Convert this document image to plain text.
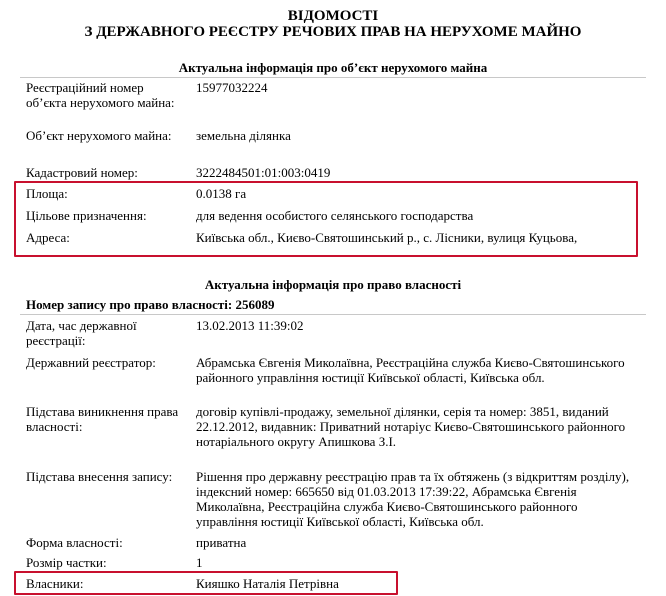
ВІДОМОСТІ
З ДЕРЖАВНОГО РЕЄСТРУ РЕЧОВИХ ПРАВ НА НЕРУХОМЕ МАЙНО
Актуальна інформація про об’єкт нерухомого майна
Реєстраційний номер об’єкта нерухомого майна:
15977032224
Об’єкт нерухомого майна:	земельна ділянка
Кадастровий номер:	3222484501:01:003:0419
Площа:	0.0138 га
Цільове призначення:	для ведення особистого селянського господарства
Адреса:	Київська обл., Києво-Святошинський р., с. Лісники, вулиця Куцьова,
Актуальна інформація про право власності
Номер запису про право власності: 256089
Дата, час державної реєстрації:
13.02.2013 11:39:02
Державний реєстратор:	Абрамська Євгенія Миколаївна, Реєстраційна служба Києво-Святошинського районного управління юстиції Київської області, Київська обл.
Підстава виникнення права власності:
договір купівлі-продажу, земельної ділянки, серія та номер: 3851, виданий 22.12.2012, видавник: Приватний нотаріус Києво-Святошинського районного нотаріального округу Апишкова З.І.
Підстава внесення запису:	Рішення про державну реєстрацію прав та їх обтяжень (з відкриттям розділу), індексний номер: 665650 від 01.03.2013 17:39:22, Абрамська Євгенія Миколаївна, Реєстраційна служба Києво-Святошинського районного управління юстиції Київської області, Київська обл.
Форма власності:	приватна
Розмір частки:	1
Власники:	Кияшко Наталія Петрівна
